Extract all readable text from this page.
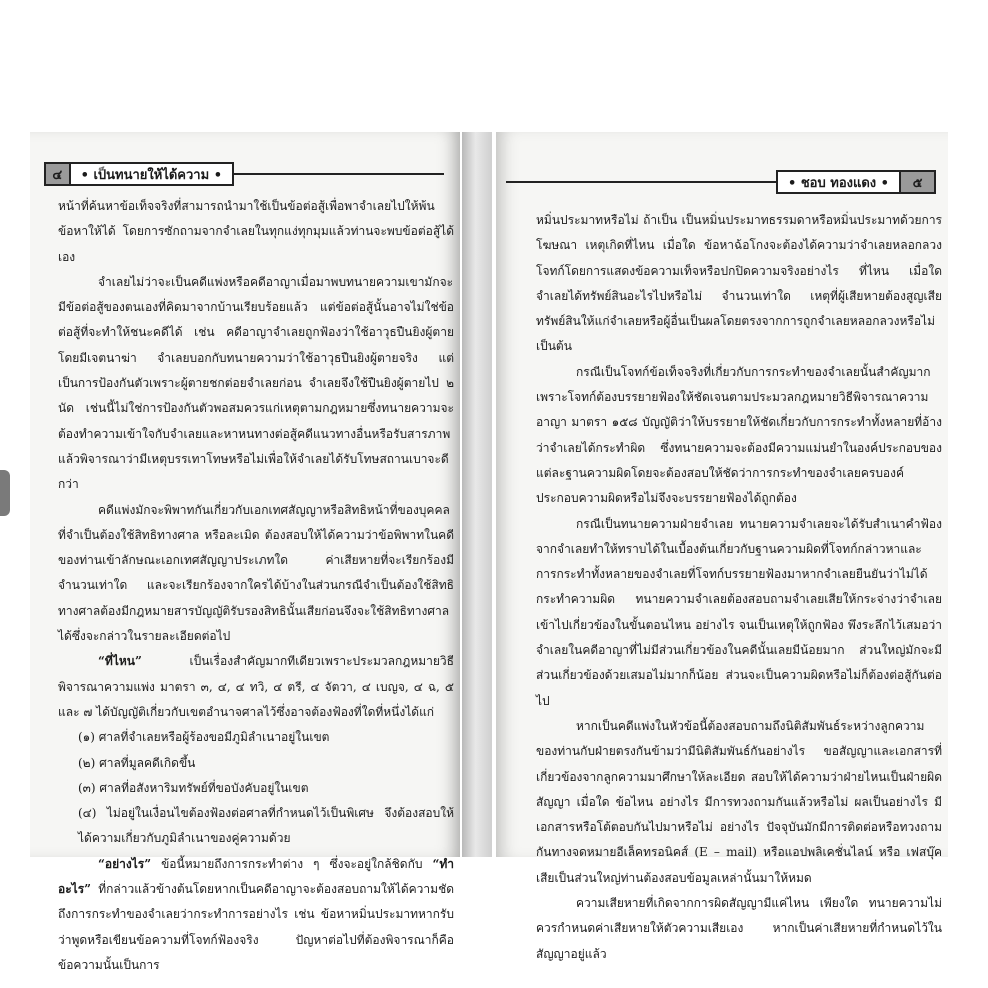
๔	• เป็นทนายให้ได้ความ •

หน้าที่ค้นหาข้อเท็จจริงที่สามารถนำมาใช้เป็นข้อต่อสู้เพื่อพาจำเลยไปให้พ้นข้อหาให้ได้ โดยการซักถามจากจำเลยในทุกแง่ทุกมุมแล้วท่านจะพบข้อต่อสู้ได้เอง

จำเลยไม่ว่าจะเป็นคดีแพ่งหรือคดีอาญาเมื่อมาพบทนายความเขามักจะมีข้อต่อสู้ของตนเองที่คิดมาจากบ้านเรียบร้อยแล้ว แต่ข้อต่อสู้นั้นอาจไม่ใช่ข้อต่อสู้ที่จะทำให้ชนะคดีได้ เช่น คดีอาญาจำเลยถูกฟ้องว่าใช้อาวุธปืนยิงผู้ตายโดยมีเจตนาฆ่า จำเลยบอกกับทนายความว่าใช้อาวุธปืนยิงผู้ตายจริง แต่เป็นการป้องกันตัวเพราะผู้ตายชกต่อยจำเลยก่อน จำเลยจึงใช้ปืนยิงผู้ตายไป ๒ นัด เช่นนี้ไม่ใช่การป้องกันตัวพอสมควรแก่เหตุตามกฎหมายซึ่งทนายความจะต้องทำความเข้าใจกับจำเลยและหาหนทางต่อสู้คดีแนวทางอื่นหรือรับสารภาพแล้วพิจารณาว่ามีเหตุบรรเทาโทษหรือไม่เพื่อให้จำเลยได้รับโทษสถานเบาจะดีกว่า

คดีแพ่งมักจะพิพาทกันเกี่ยวกับเอกเทศสัญญาหรือสิทธิหน้าที่ของบุคคลที่จำเป็นต้องใช้สิทธิทางศาล หรือละเมิด ต้องสอบให้ได้ความว่าข้อพิพาทในคดีของท่านเข้าลักษณะเอกเทศสัญญาประเภทใด ค่าเสียหายที่จะเรียกร้องมีจำนวนเท่าใด และจะเรียกร้องจากใครได้บ้างในส่วนกรณีจำเป็นต้องใช้สิทธิทางศาลต้องมีกฎหมายสารบัญญัติรับรองสิทธินั้นเสียก่อนจึงจะใช้สิทธิทางศาลได้ซึ่งจะกล่าวในรายละเอียดต่อไป

“ที่ไหน” เป็นเรื่องสำคัญมากทีเดียวเพราะประมวลกฎหมายวิธีพิจารณาความแพ่ง มาตรา ๓, ๔, ๔ ทวิ, ๔ ตรี, ๔ จัตวา, ๔ เบญจ, ๔ ฉ, ๕ และ ๗ ได้บัญญัติเกี่ยวกับเขตอำนาจศาลไว้ซึ่งอาจต้องฟ้องที่ใดที่หนึ่งได้แก่

(๑) ศาลที่จำเลยหรือผู้ร้องขอมีภูมิลำเนาอยู่ในเขต

(๒) ศาลที่มูลคดีเกิดขึ้น

(๓) ศาลที่อสังหาริมทรัพย์ที่ขอบังคับอยู่ในเขต

(๔) ไม่อยู่ในเงื่อนไขต้องฟ้องต่อศาลที่กำหนดไว้เป็นพิเศษ จึงต้องสอบให้ได้ความเกี่ยวกับภูมิลำเนาของคู่ความด้วย

“อย่างไร” ข้อนี้หมายถึงการกระทำต่าง ๆ ซึ่งจะอยู่ใกล้ชิดกับ “ทำอะไร” ที่กล่าวแล้วข้างต้นโดยหากเป็นคดีอาญาจะต้องสอบถามให้ได้ความชัดถึงการกระทำของจำเลยว่ากระทำการอย่างไร เช่น ข้อหาหมิ่นประมาทหากรับว่าพูดหรือเขียนข้อความที่โจทก์ฟ้องจริง ปัญหาต่อไปที่ต้องพิจารณาก็คือข้อความนั้นเป็นการ

• ชอบ ทองแดง •	๕

หมิ่นประมาทหรือไม่ ถ้าเป็น เป็นหมิ่นประมาทธรรมดาหรือหมิ่นประมาทด้วยการโฆษณา เหตุเกิดที่ไหน เมื่อใด ข้อหาฉ้อโกงจะต้องได้ความว่าจำเลยหลอกลวงโจทก์โดยการแสดงข้อความเท็จหรือปกปิดความจริงอย่างไร ที่ไหน เมื่อใด จำเลยได้ทรัพย์สินอะไรไปหรือไม่ จำนวนเท่าใด เหตุที่ผู้เสียหายต้องสูญเสียทรัพย์สินให้แก่จำเลยหรือผู้อื่นเป็นผลโดยตรงจากการถูกจำเลยหลอกลวงหรือไม่ เป็นต้น

กรณีเป็นโจทก์ข้อเท็จจริงที่เกี่ยวกับการกระทำของจำเลยนั้นสำคัญมากเพราะโจทก์ต้องบรรยายฟ้องให้ชัดเจนตามประมวลกฎหมายวิธีพิจารณาความอาญา มาตรา ๑๕๘ บัญญัติว่าให้บรรยายให้ชัดเกี่ยวกับการกระทำทั้งหลายที่อ้างว่าจำเลยได้กระทำผิด ซึ่งทนายความจะต้องมีความแม่นยำในองค์ประกอบของแต่ละฐานความผิดโดยจะต้องสอบให้ชัดว่าการกระทำของจำเลยครบองค์ประกอบความผิดหรือไม่จึงจะบรรยายฟ้องได้ถูกต้อง

กรณีเป็นทนายความฝ่ายจำเลย ทนายความจำเลยจะได้รับสำเนาคำฟ้องจากจำเลยทำให้ทราบได้ในเบื้องต้นเกี่ยวกับฐานความผิดที่โจทก์กล่าวหาและการกระทำทั้งหลายของจำเลยที่โจทก์บรรยายฟ้องมาหากจำเลยยืนยันว่าไม่ได้กระทำความผิด ทนายความจำเลยต้องสอบถามจำเลยเสียให้กระจ่างว่าจำเลยเข้าไปเกี่ยวข้องในขั้นตอนไหน อย่างไร จนเป็นเหตุให้ถูกฟ้อง พึงระลึกไว้เสมอว่าจำเลยในคดีอาญาที่ไม่มีส่วนเกี่ยวข้องในคดีนั้นเลยมีน้อยมาก ส่วนใหญ่มักจะมีส่วนเกี่ยวข้องด้วยเสมอไม่มากก็น้อย ส่วนจะเป็นความผิดหรือไม่ก็ต้องต่อสู้กันต่อไป

หากเป็นคดีแพ่งในหัวข้อนี้ต้องสอบถามถึงนิติสัมพันธ์ระหว่างลูกความของท่านกับฝ่ายตรงกันข้ามว่ามีนิติสัมพันธ์กันอย่างไร ขอสัญญาและเอกสารที่เกี่ยวข้องจากลูกความมาศึกษาให้ละเอียด สอบให้ได้ความว่าฝ่ายไหนเป็นฝ่ายผิดสัญญา เมื่อใด ข้อไหน อย่างไร มีการทวงถามกันแล้วหรือไม่ ผลเป็นอย่างไร มีเอกสารหรือโต้ตอบกันไปมาหรือไม่ อย่างไร ปัจจุบันมักมีการติดต่อหรือทวงถามกันทางจดหมายอีเล็คทรอนิคส์ (E – mail) หรือแอปพลิเคชั่นไลน์ หรือ เฟสบุ๊ค เสียเป็นส่วนใหญ่ท่านต้องสอบข้อมูลเหล่านั้นมาให้หมด

ความเสียหายที่เกิดจากการผิดสัญญามีแค่ไหน เพียงใด ทนายความไม่ควรกำหนดค่าเสียหายให้ตัวความเสียเอง หากเป็นค่าเสียหายที่กำหนดไว้ในสัญญาอยู่แล้ว
